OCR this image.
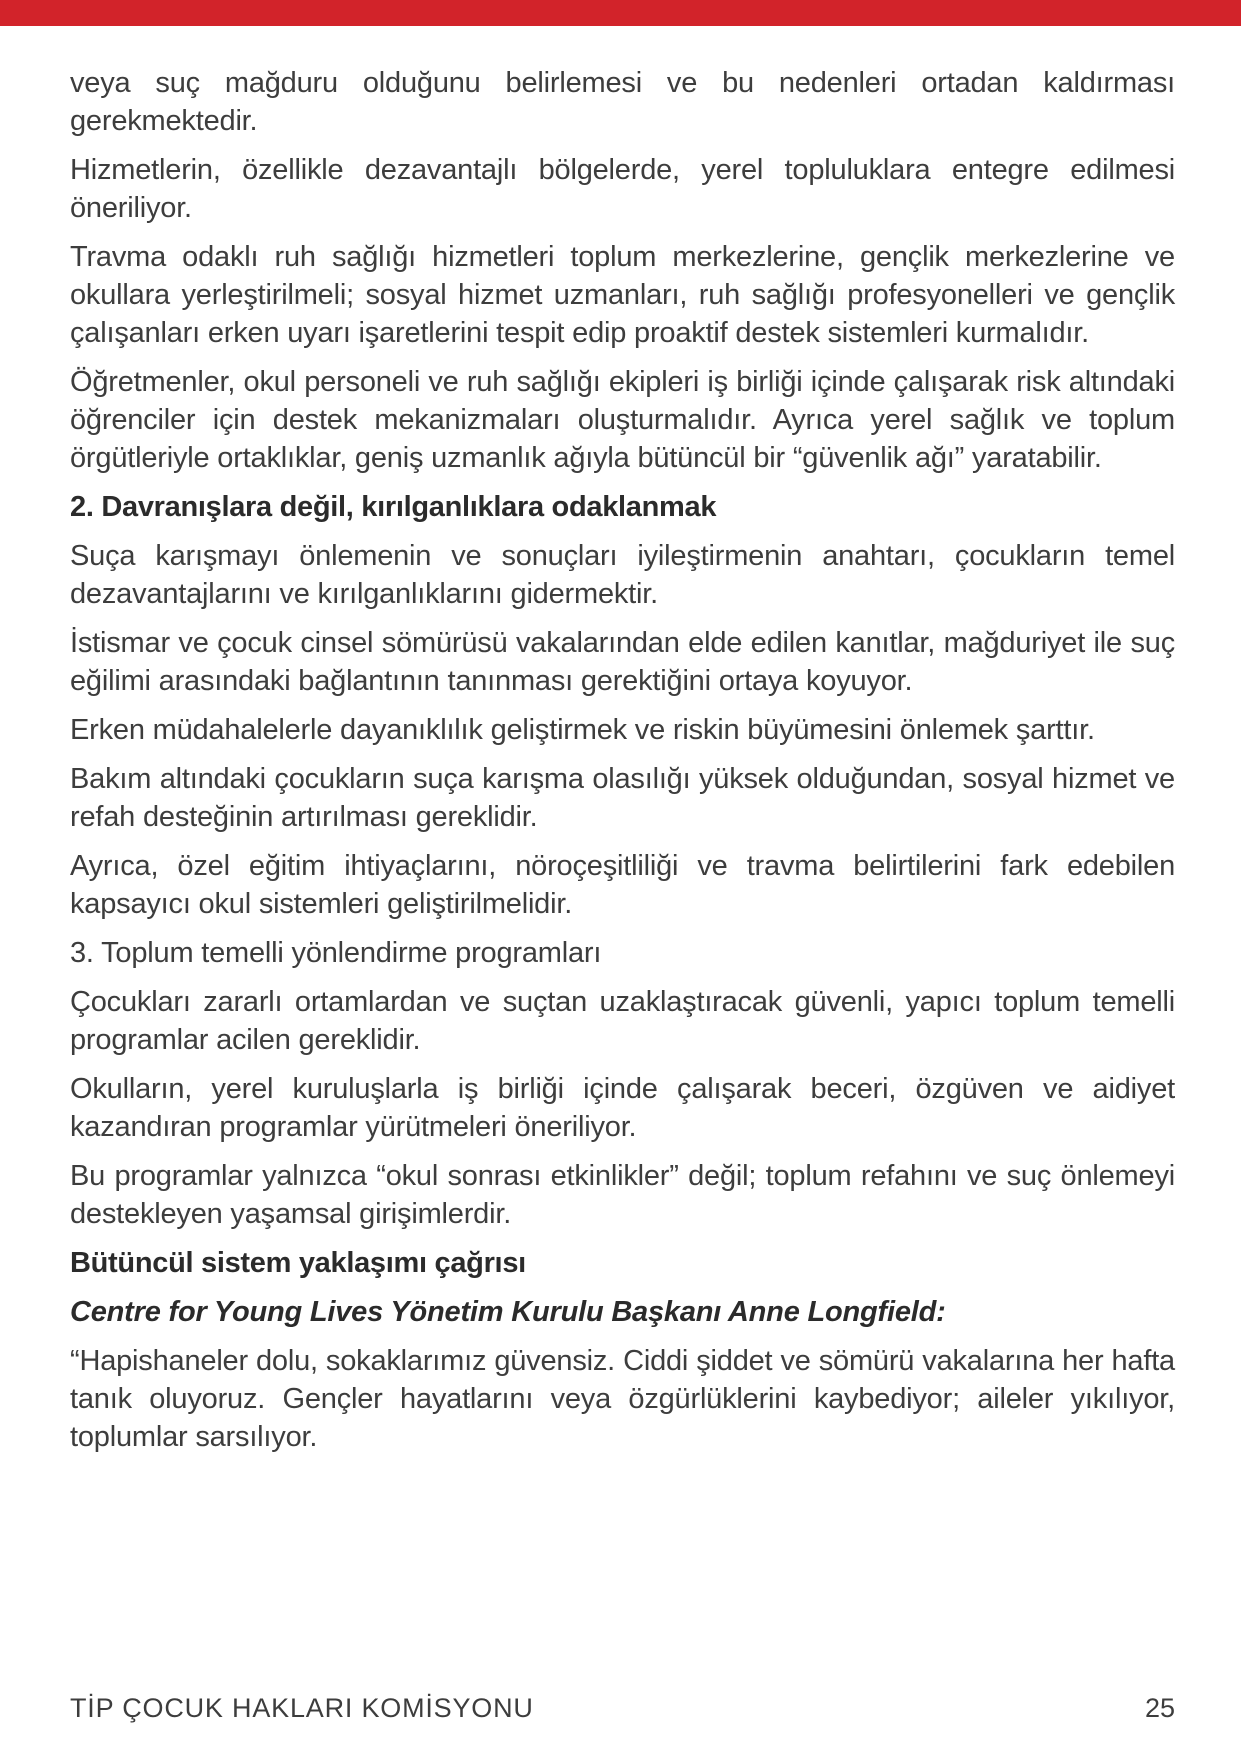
veya suç mağduru olduğunu belirlemesi ve bu nedenleri ortadan kaldırması gerekmektedir.

Hizmetlerin, özellikle dezavantajlı bölgelerde, yerel topluluklara entegre edilmesi öneriliyor.

Travma odaklı ruh sağlığı hizmetleri toplum merkezlerine, gençlik merkezlerine ve okullara yerleştirilmeli; sosyal hizmet uzmanları, ruh sağlığı profesyonelleri ve gençlik çalışanları erken uyarı işaretlerini tespit edip proaktif destek sistemleri kurmalıdır.

Öğretmenler, okul personeli ve ruh sağlığı ekipleri iş birliği içinde çalışarak risk altındaki öğrenciler için destek mekanizmaları oluşturmalıdır. Ayrıca yerel sağlık ve toplum örgütleriyle ortaklıklar, geniş uzmanlık ağıyla bütüncül bir “güvenlik ağı” yaratabilir.

2. Davranışlara değil, kırılganlıklara odaklanmak

Suça karışmayı önlemenin ve sonuçları iyileştirmenin anahtarı, çocukların temel dezavantajlarını ve kırılganlıklarını gidermektir.

İstismar ve çocuk cinsel sömürüsü vakalarından elde edilen kanıtlar, mağduriyet ile suç eğilimi arasındaki bağlantının tanınması gerektiğini ortaya koyuyor.

Erken müdahalelerle dayanıklılık geliştirmek ve riskin büyümesini önlemek şarttır.

Bakım altındaki çocukların suça karışma olasılığı yüksek olduğundan, sosyal hizmet ve refah desteğinin artırılması gereklidir.

Ayrıca, özel eğitim ihtiyaçlarını, nöroçeşitliliği ve travma belirtilerini fark edebilen kapsayıcı okul sistemleri geliştirilmelidir.

3. Toplum temelli yönlendirme programları

Çocukları zararlı ortamlardan ve suçtan uzaklaştıracak güvenli, yapıcı toplum temelli programlar acilen gereklidir.

Okulların, yerel kuruluşlarla iş birliği içinde çalışarak beceri, özgüven ve aidiyet kazandıran programlar yürütmeleri öneriliyor.

Bu programlar yalnızca “okul sonrası etkinlikler” değil; toplum refahını ve suç önlemeyi destekleyen yaşamsal girişimlerdir.

Bütüncül sistem yaklaşımı çağrısı

Centre for Young Lives Yönetim Kurulu Başkanı Anne Longfield:

“Hapishaneler dolu, sokaklarımız güvensiz. Ciddi şiddet ve sömürü vakalarına her hafta tanık oluyoruz. Gençler hayatlarını veya özgürlüklerini kaybediyor; aileler yıkılıyor, toplumlar sarsılıyor.

TİP ÇOCUK HAKLARI KOMİSYONU	25
